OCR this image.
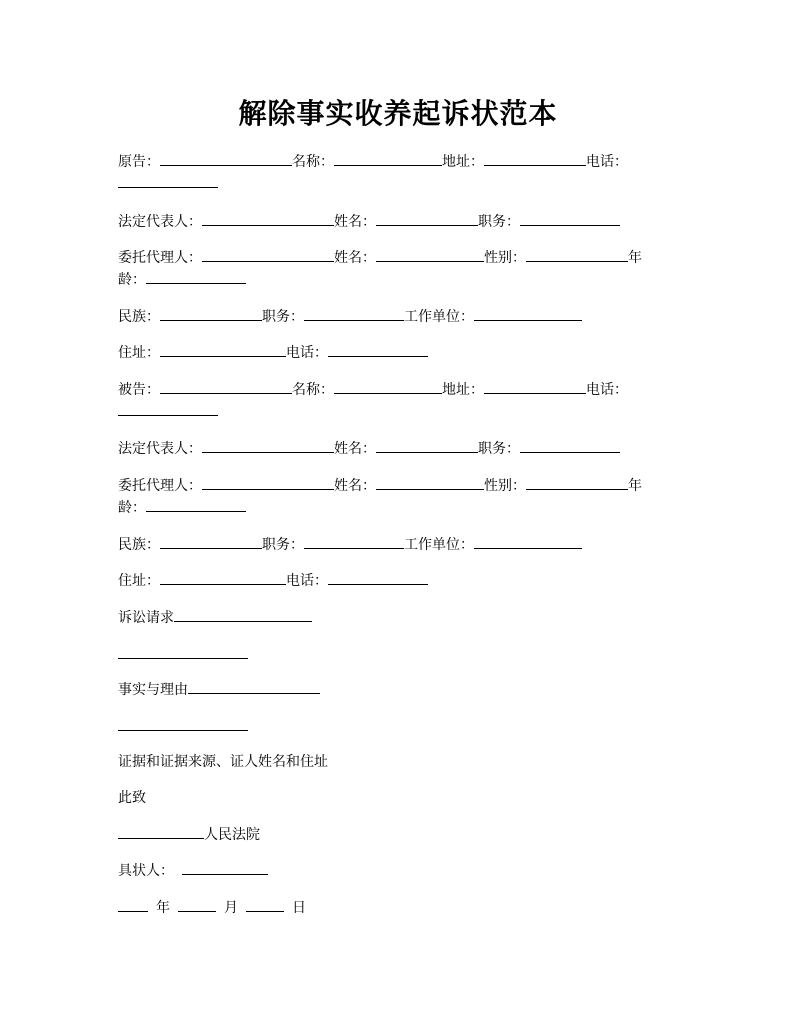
解除事实收养起诉状范本
原告：	名称：	地址：	电话：
法定代表人：	姓名：	职务：
委托代理人：	姓名：	性别：	年
龄：
民族：	职务：	工作单位：
住址：	电话：
被告：	名称：	地址：	电话：
法定代表人：	姓名：	职务：
委托代理人：	姓名：	性别：	年
龄：
民族：	职务：	工作单位：
住址：	电话：
诉讼请求
事实与理由
证据和证据来源、证人姓名和住址
此致
人民法院
具状人：
年	月	日
